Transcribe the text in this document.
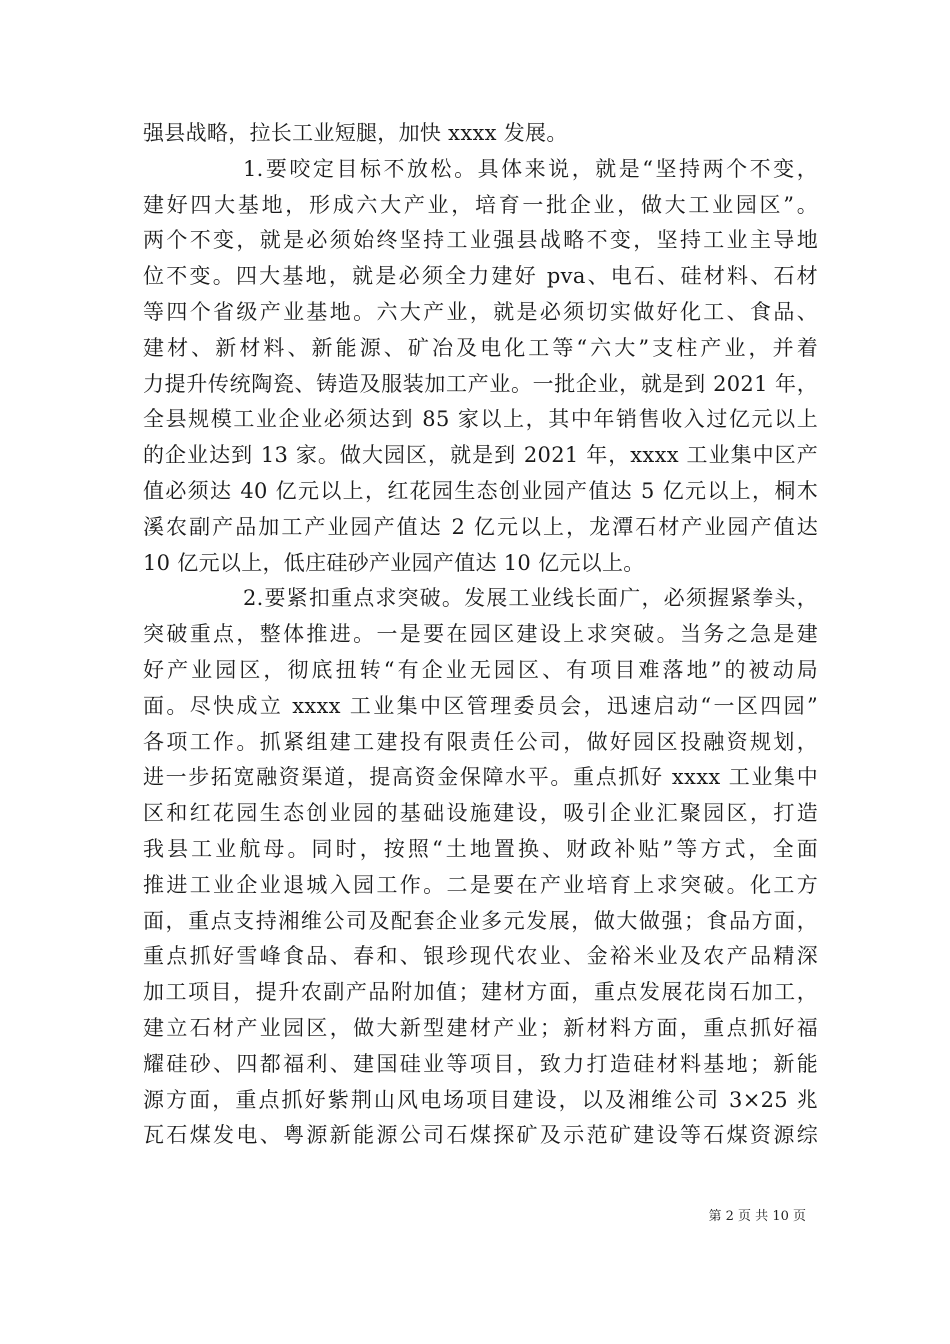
强县战略，拉长工业短腿，加快 xxxx 发展。
1.要咬定目标不放松。具体来说，就是“坚持两个不变，
建好四大基地，形成六大产业，培育一批企业，做大工业园区”。
两个不变，就是必须始终坚持工业强县战略不变，坚持工业主导地
位不变。四大基地，就是必须全力建好 pva、电石、硅材料、石材
等四个省级产业基地。六大产业，就是必须切实做好化工、食品、
建材、新材料、新能源、矿冶及电化工等“六大”支柱产业，并着
力提升传统陶瓷、铸造及服装加工产业。一批企业，就是到 2021 年，
全县规模工业企业必须达到 85 家以上，其中年销售收入过亿元以上
的企业达到 13 家。做大园区，就是到 2021 年，xxxx 工业集中区产
值必须达 40 亿元以上，红花园生态创业园产值达 5 亿元以上，桐木
溪农副产品加工产业园产值达 2 亿元以上，龙潭石材产业园产值达
10 亿元以上，低庄硅砂产业园产值达 10 亿元以上。
2.要紧扣重点求突破。发展工业线长面广，必须握紧拳头，
突破重点，整体推进。一是要在园区建设上求突破。当务之急是建
好产业园区，彻底扭转“有企业无园区、有项目难落地”的被动局
面。尽快成立 xxxx 工业集中区管理委员会，迅速启动“一区四园”
各项工作。抓紧组建工建投有限责任公司，做好园区投融资规划，
进一步拓宽融资渠道，提高资金保障水平。重点抓好 xxxx 工业集中
区和红花园生态创业园的基础设施建设，吸引企业汇聚园区，打造
我县工业航母。同时，按照“土地置换、财政补贴”等方式，全面
推进工业企业退城入园工作。二是要在产业培育上求突破。化工方
面，重点支持湘维公司及配套企业多元发展，做大做强；食品方面，
重点抓好雪峰食品、春和、银珍现代农业、金裕米业及农产品精深
加工项目，提升农副产品附加值；建材方面，重点发展花岗石加工，
建立石材产业园区，做大新型建材产业；新材料方面，重点抓好福
耀硅砂、四都福利、建国硅业等项目，致力打造硅材料基地；新能
源方面，重点抓好紫荆山风电场项目建设，以及湘维公司 3×25 兆
瓦石煤发电、粤源新能源公司石煤探矿及示范矿建设等石煤资源综
第 2 页 共 10 页
